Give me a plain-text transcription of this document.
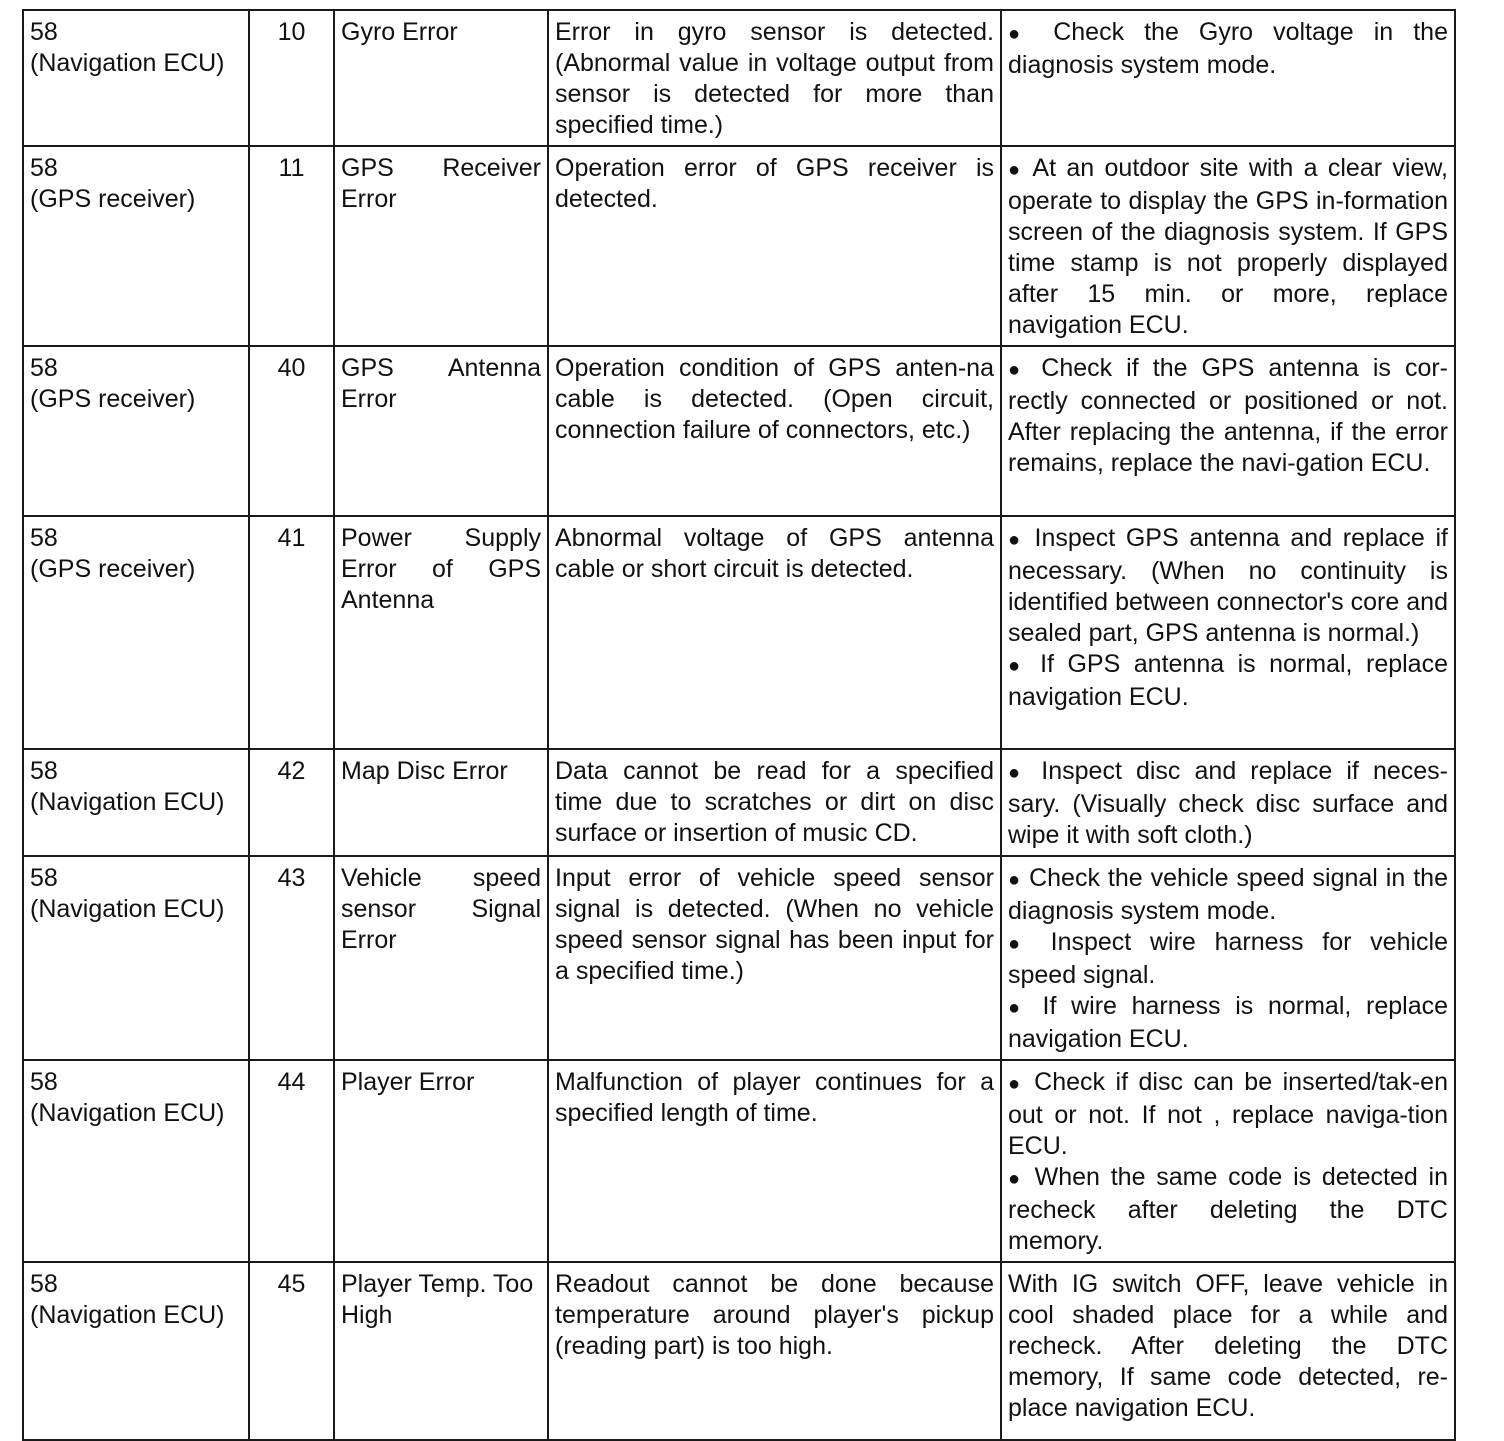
58
(Navigation ECU)	10	Gyro Error	Error in gyro sensor is detected. (Abnormal value in voltage output from sensor is detected for more than specified time.)	● Check the Gyro voltage in the diagnosis system mode.

58
(GPS receiver)	11	GPS Receiver Error	Operation error of GPS receiver is detected.	● At an outdoor site with a clear view, operate to display the GPS in-formation screen of the diagnosis system. If GPS time stamp is not properly displayed after 15 min. or more, replace navigation ECU.

58
(GPS receiver)	40	GPS Antenna Error	Operation condition of GPS anten-na cable is detected. (Open circuit, connection failure of connectors, etc.)	● Check if the GPS antenna is cor-rectly connected or positioned or not. After replacing the antenna, if the error remains, replace the navi-gation ECU.

58
(GPS receiver)	41	Power Supply Error of GPS Antenna	Abnormal voltage of GPS antenna cable or short circuit is detected.	● Inspect GPS antenna and replace if necessary. (When no continuity is identified between connector's core and sealed part, GPS antenna is normal.)
● If GPS antenna is normal, replace navigation ECU.

58
(Navigation ECU)	42	Map Disc Error	Data cannot be read for a specified time due to scratches or dirt on disc surface or insertion of music CD.	● Inspect disc and replace if neces-sary. (Visually check disc surface and wipe it with soft cloth.)

58
(Navigation ECU)	43	Vehicle speed sensor Signal Error	Input error of vehicle speed sensor signal is detected. (When no vehicle speed sensor signal has been input for a specified time.)	● Check the vehicle speed signal in the diagnosis system mode.
● Inspect wire harness for vehicle speed signal.
● If wire harness is normal, replace navigation ECU.

58
(Navigation ECU)	44	Player Error	Malfunction of player continues for a specified length of time.	● Check if disc can be inserted/tak-en out or not. If not , replace naviga-tion ECU.
● When the same code is detected in recheck after deleting the DTC memory.

58
(Navigation ECU)	45	Player Temp. Too High	Readout cannot be done because temperature around player's pickup (reading part) is too high.	With IG switch OFF, leave vehicle in cool shaded place for a while and recheck. After deleting the DTC memory, If same code detected, re-place navigation ECU.
